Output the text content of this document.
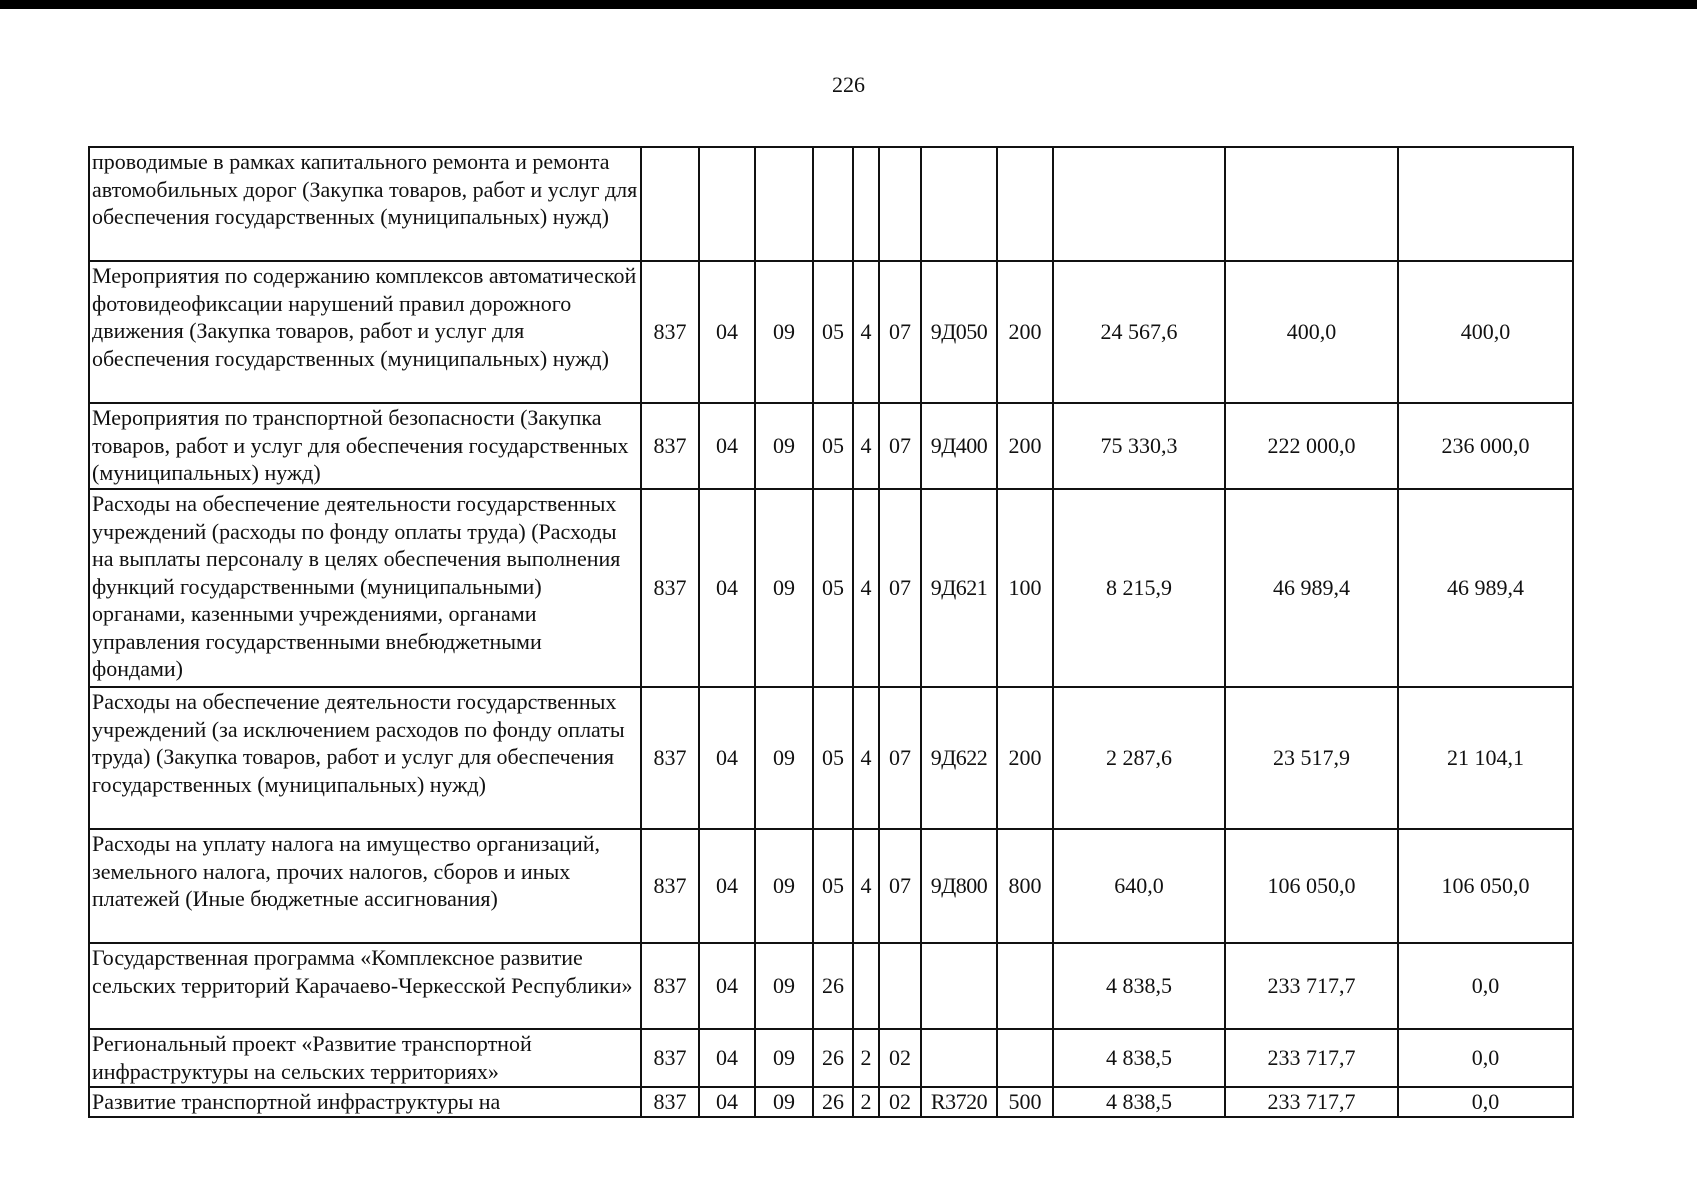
226
проводимые в рамках капитального ремонта и ремонта автомобильных дорог (Закупка товаров, работ и услуг для обеспечения государственных (муниципальных) нужд)											
Мероприятия по содержанию комплексов автоматической фотовидеофиксации нарушений правил дорожного движения (Закупка товаров, работ и услуг для обеспечения государственных (муниципальных) нужд)	837	04	09	05	4	07	9Д050	200	24 567,6	400,0	400,0
Мероприятия по транспортной безопасности (Закупка товаров, работ и услуг для обеспечения государственных (муниципальных) нужд)	837	04	09	05	4	07	9Д400	200	75 330,3	222 000,0	236 000,0
Расходы на обеспечение деятельности государственных учреждений (расходы по фонду оплаты труда) (Расходы на выплаты персоналу в целях обеспечения выполнения функций государственными (муниципальными) органами, казенными учреждениями, органами управления государственными внебюджетными фондами)	837	04	09	05	4	07	9Д621	100	8 215,9	46 989,4	46 989,4
Расходы на обеспечение деятельности государственных учреждений (за исключением расходов по фонду оплаты труда) (Закупка товаров, работ и услуг для обеспечения государственных (муниципальных) нужд)	837	04	09	05	4	07	9Д622	200	2 287,6	23 517,9	21 104,1
Расходы на уплату налога на имущество организаций, земельного налога, прочих налогов, сборов и иных платежей (Иные бюджетные ассигнования)	837	04	09	05	4	07	9Д800	800	640,0	106 050,0	106 050,0
Государственная программа «Комплексное развитие сельских территорий Карачаево-Черкесской Республики»	837	04	09	26					4 838,5	233 717,7	0,0
Региональный проект «Развитие транспортной инфраструктуры на сельских территориях»	837	04	09	26	2	02			4 838,5	233 717,7	0,0
Развитие транспортной инфраструктуры на	837	04	09	26	2	02	R3720	500	4 838,5	233 717,7	0,0
